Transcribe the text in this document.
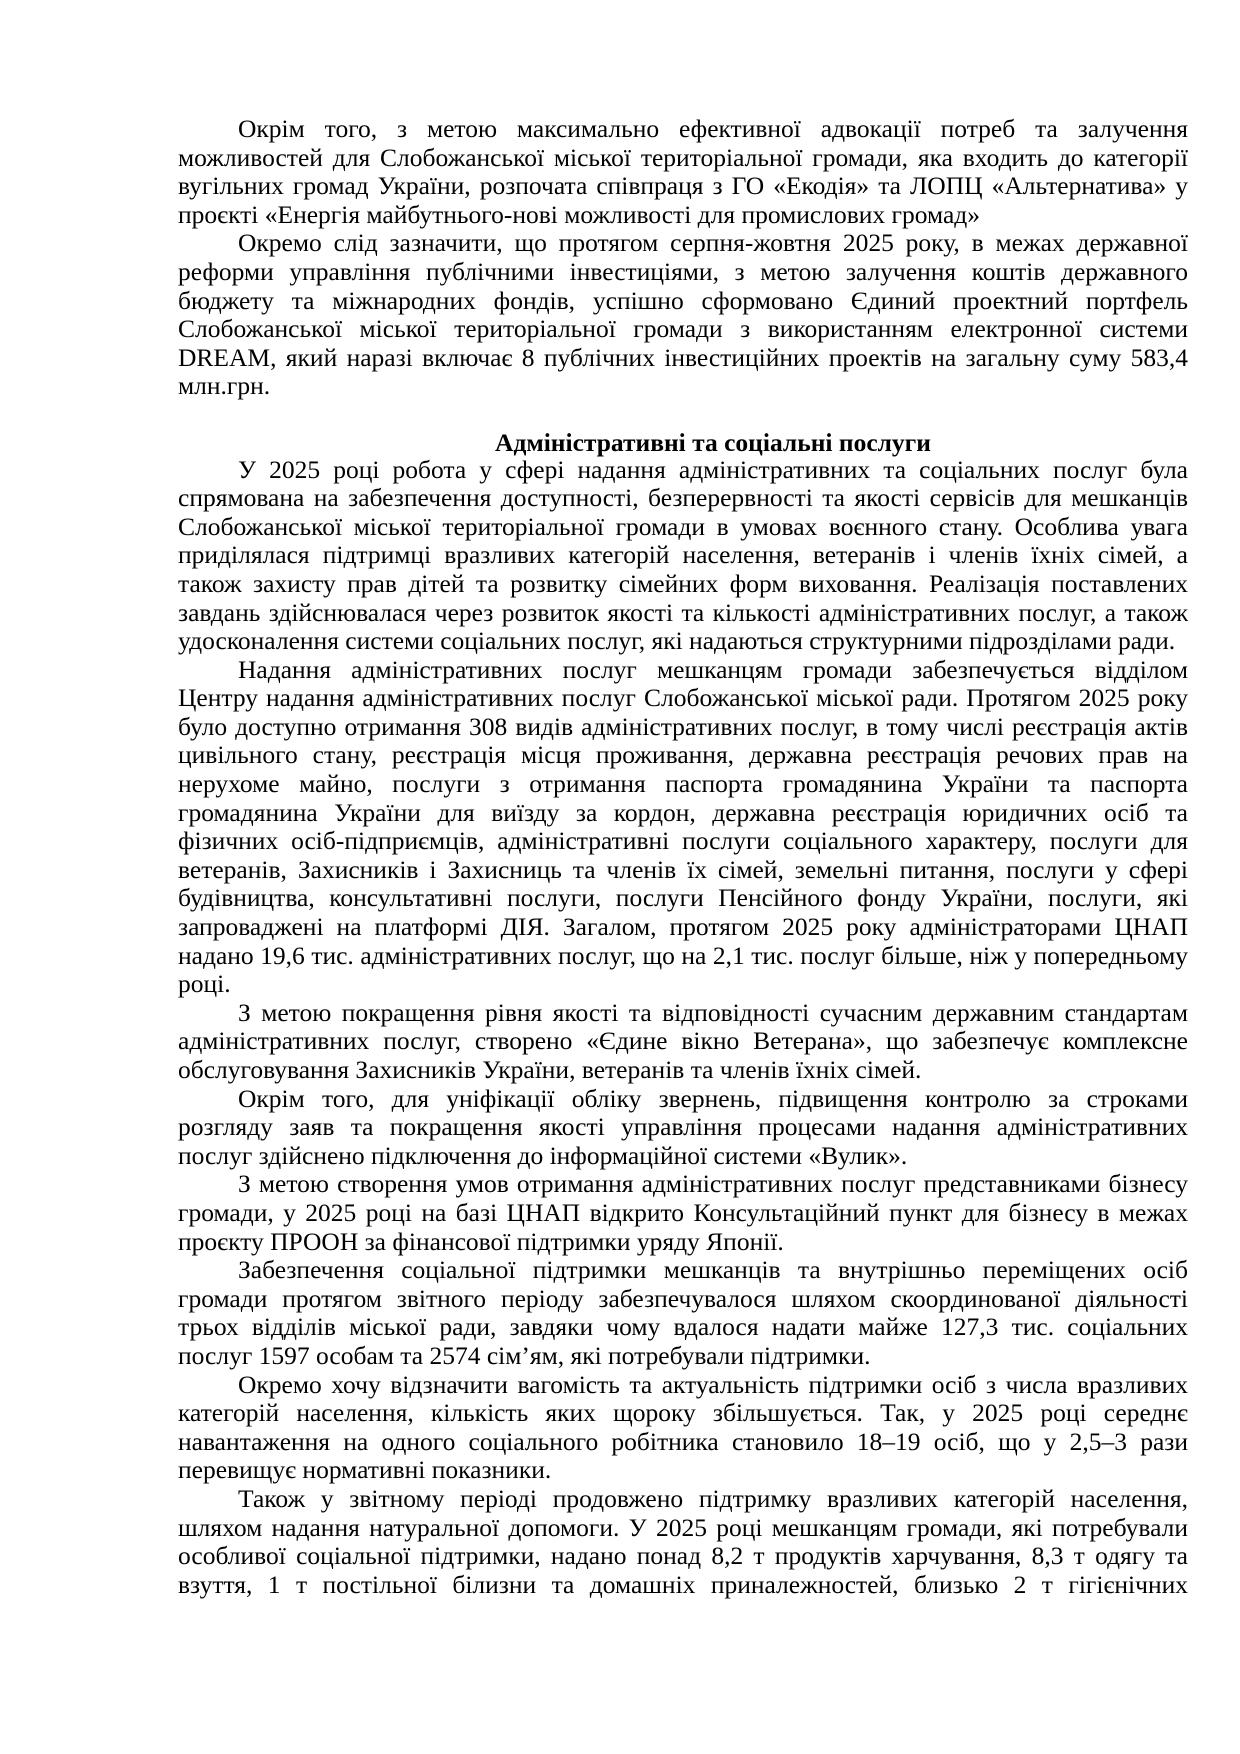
Окрім того, з метою максимально ефективної адвокації потреб та залучення можливостей для Слобожанської міської територіальної громади, яка входить до категорії вугільних громад України, розпочата співпраця з ГО «Екодія» та ЛОПЦ «Альтернатива» у проєкті «Енергія майбутнього-нові можливості для промислових громад»

Окремо слід зазначити, що протягом серпня-жовтня 2025 року, в межах державної реформи управління публічними інвестиціями, з метою залучення коштів державного бюджету та міжнародних фондів, успішно сформовано Єдиний проектний портфель Слобожанської міської територіальної громади з використанням електронної системи DREAM, який наразі включає 8 публічних інвестиційних проектів на загальну суму 583,4 млн.грн.

Адміністративні та соціальні послуги

У 2025 році робота у сфері надання адміністративних та соціальних послуг була спрямована на забезпечення доступності, безперервності та якості сервісів для мешканців Слобожанської міської територіальної громади в умовах воєнного стану. Особлива увага приділялася підтримці вразливих категорій населення, ветеранів і членів їхніх сімей, а також захисту прав дітей та розвитку сімейних форм виховання. Реалізація поставлених завдань здійснювалася через розвиток якості та кількості адміністративних послуг, а також удосконалення системи соціальних послуг, які надаються структурними підрозділами ради.

Надання адміністративних послуг мешканцям громади забезпечується відділом Центру надання адміністративних послуг Слобожанської міської ради. Протягом 2025 року було доступно отримання 308 видів адміністративних послуг, в тому числі реєстрація актів цивільного стану, реєстрація місця проживання, державна реєстрація речових прав на нерухоме майно, послуги з отримання паспорта громадянина України та паспорта громадянина України для виїзду за кордон, державна реєстрація юридичних осіб та фізичних осіб-підприємців, адміністративні послуги соціального характеру, послуги для ветеранів, Захисників і Захисниць та членів їх сімей, земельні питання, послуги у сфері будівництва, консультативні послуги, послуги Пенсійного фонду України, послуги, які запроваджені на платформі ДІЯ. Загалом, протягом 2025 року адміністраторами ЦНАП надано 19,6 тис. адміністративних послуг, що на 2,1 тис. послуг більше, ніж у попередньому році.

З метою покращення рівня якості та відповідності сучасним державним стандартам адміністративних послуг, створено «Єдине вікно Ветерана», що забезпечує комплексне обслуговування Захисників України, ветеранів та членів їхніх сімей.

Окрім того, для уніфікації обліку звернень, підвищення контролю за строками розгляду заяв та покращення якості управління процесами надання адміністративних послуг здійснено підключення до інформаційної системи «Вулик».

З метою створення умов отримання адміністративних послуг представниками бізнесу громади, у 2025 році на базі ЦНАП відкрито Консультаційний пункт для бізнесу в межах проєкту ПРООН за фінансової підтримки уряду Японії.

Забезпечення соціальної підтримки мешканців та внутрішньо переміщених осіб громади протягом звітного періоду забезпечувалося шляхом скоординованої діяльності трьох відділів міської ради, завдяки чому вдалося надати майже 127,3 тис. соціальних послуг 1597 особам та 2574 сім’ям, які потребували підтримки.

Окремо хочу відзначити вагомість та актуальність підтримки осіб з числа вразливих категорій населення, кількість яких щороку збільшується. Так, у 2025 році середнє навантаження на одного соціального робітника становило 18–19 осіб, що у 2,5–3 рази перевищує нормативні показники.

Також у звітному періоді продовжено підтримку вразливих категорій населення, шляхом надання натуральної допомоги. У 2025 році мешканцям громади, які потребували особливої соціальної підтримки, надано понад 8,2 т продуктів харчування, 8,3 т одягу та взуття, 1 т постільної білизни та домашніх приналежностей, близько 2 т гігієнічних
